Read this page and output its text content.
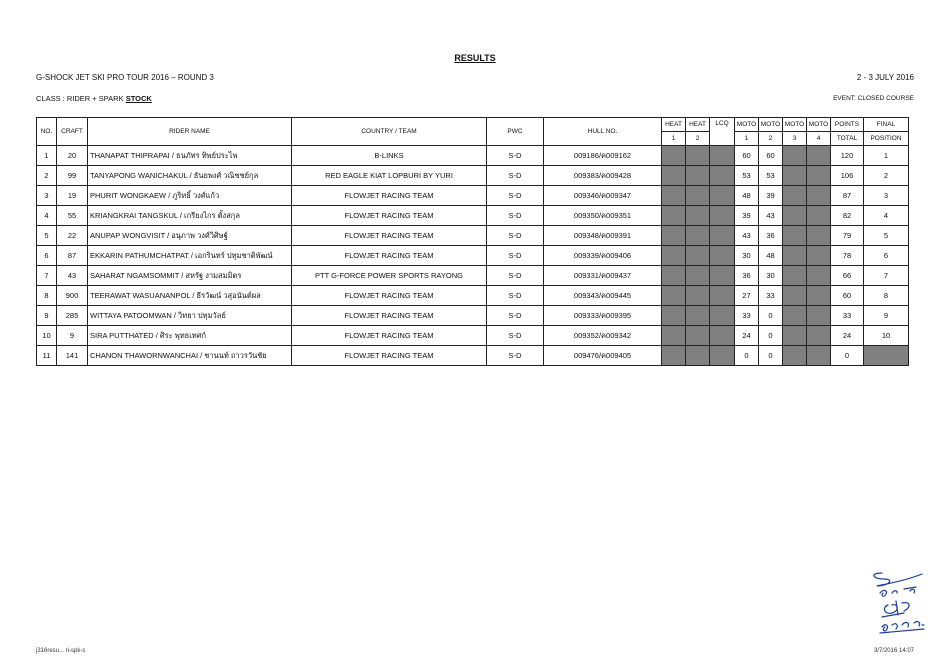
RESULTS
G-SHOCK JET SKI PRO TOUR 2016 – ROUND 3	2 - 3 JULY 2016
CLASS : RIDER + SPARK STOCK	EVENT: CLOSED COURSE
NO.	CRAFT	RIDER NAME	COUNTRY / TEAM	PWC	HULL NO.	HEAT	HEAT	LCQ	MOTO	MOTO	MOTO	MOTO	POINTS	FINAL
						1	2		1	2	3	4	TOTAL	POSITION
1	20	THANAPAT THIPRAPAI / ธนภัทร ทิพย์ประไพ	B-LINKS	S-D	009186/ค009162				60	60			120	1
2	99	TANYAPONG WANICHAKUL / ธันยพงศ์ วณิชชย์กุล	RED EAGLE KIAT LOPBURI BY YURI	S-D	009383/ค009428				53	53			106	2
3	19	PHURIT WONGKAEW / ภูริทธิ์ วงศ์แก้ว	FLOWJET RACING TEAM	S-D	009346/ค009347				48	39			87	3
4	55	KRIANGKRAI TANGSKUL / เกรียงไกร ตั้งสกุล	FLOWJET RACING TEAM	S-D	009350/ค009351				39	43			82	4
5	22	ANUPAP WONGVISIT / อนุภาพ วงศ์วิศิษฐ์	FLOWJET RACING TEAM	S-D	009348/ค009391				43	36			79	5
6	87	EKKARIN PATHUMCHATPAT / เอกรินทร์ ปทุมชาติพัฒน์	FLOWJET RACING TEAM	S-D	009339/ค009406				30	48			78	6
7	43	SAHARAT NGAMSOMMIT / สหรัฐ งามสมมิตร	PTT G-FORCE POWER SPORTS RAYONG	S-D	009331/ค009437				36	30			66	7
8	900	TEERAWAT WASUANANPOL / ธีรวัฒน์ วสุอนันต์ผล	FLOWJET RACING TEAM	S-D	009343/ค009445				27	33			60	8
9	285	WITTAYA PATOOMWAN / วิทยา ปทุมวัลย์	FLOWJET RACING TEAM	S-D	009333/ค009395				33	0			33	9
10	9	SIRA PUTTHATED / ศิระ พุทธเทศก์	FLOWJET RACING TEAM	S-D	009352/ค009342				24	0			24	10
11	141	CHANON THAWORNWANCHAI / ชานนท์ ถาวรวันชัย	FLOWJET RACING TEAM	S-D	009476/ค009405				0	0			0	
j316resu... ri-spk-s	3/7/2016 14:07
